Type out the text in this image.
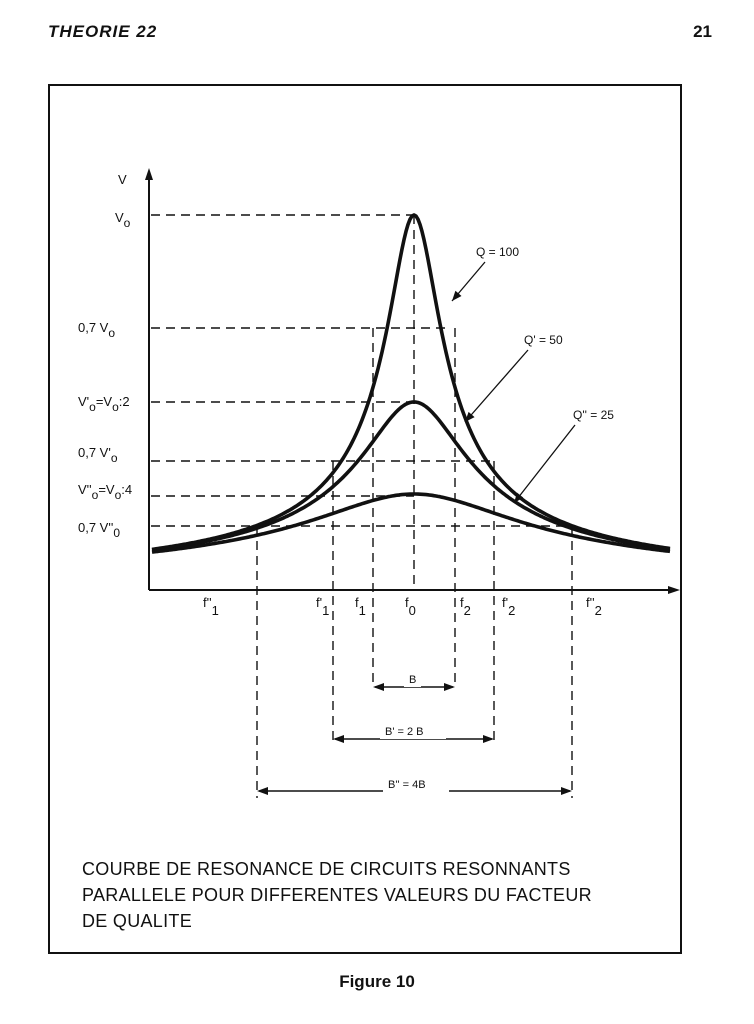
THEORIE 22	21
Vo
0,7 Vo
V'o=Vo:2
0,7 V'o
V''o=Vo:4
0,7 V''0
V
f''1
f'1
f1
f0
f2
f'2
f''2
Q = 100
Q' = 50
Q'' = 25
B
B' = 2 B
B'' = 4B
COURBE DE RESONANCE DE CIRCUITS RESONNANTS
PARALLELE POUR DIFFERENTES VALEURS DU FACTEUR
DE QUALITE
Figure 10
